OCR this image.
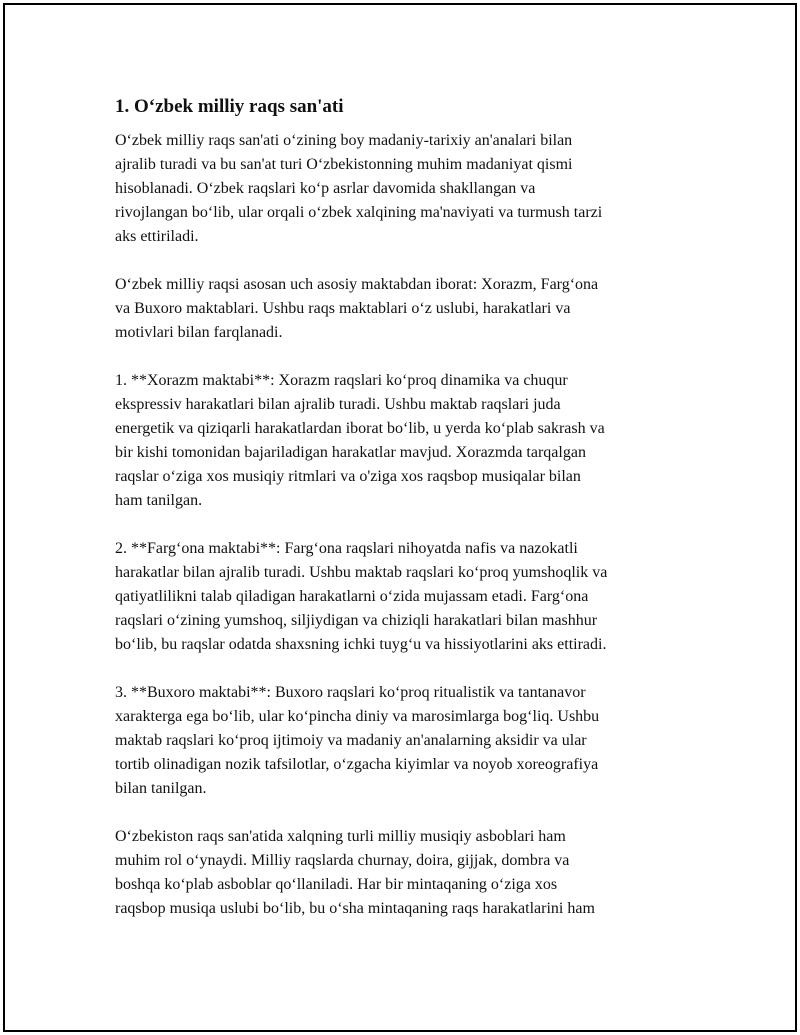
1. O‘zbek milliy raqs san'ati

O‘zbek milliy raqs san'ati o‘zining boy madaniy-tarixiy an'analari bilan
ajralib turadi va bu san'at turi O‘zbekistonning muhim madaniyat qismi
hisoblanadi. O‘zbek raqslari ko‘p asrlar davomida shakllangan va
rivojlangan bo‘lib, ular orqali o‘zbek xalqining ma'naviyati va turmush tarzi
aks ettiriladi.

O‘zbek milliy raqsi asosan uch asosiy maktabdan iborat: Xorazm, Farg‘ona
va Buxoro maktablari. Ushbu raqs maktablari o‘z uslubi, harakatlari va
motivlari bilan farqlanadi.

1. **Xorazm maktabi**: Xorazm raqslari ko‘proq dinamika va chuqur
ekspressiv harakatlari bilan ajralib turadi. Ushbu maktab raqslari juda
energetik va qiziqarli harakatlardan iborat bo‘lib, u yerda ko‘plab sakrash va
bir kishi tomonidan bajariladigan harakatlar mavjud. Xorazmda tarqalgan
raqslar o‘ziga xos musiqiy ritmlari va o'ziga xos raqsbop musiqalar bilan
ham tanilgan.

2. **Farg‘ona maktabi**: Farg‘ona raqslari nihoyatda nafis va nazokatli
harakatlar bilan ajralib turadi. Ushbu maktab raqslari ko‘proq yumshoqlik va
qatiyatlilikni talab qiladigan harakatlarni o‘zida mujassam etadi. Farg‘ona
raqslari o‘zining yumshoq, siljiydigan va chiziqli harakatlari bilan mashhur
bo‘lib, bu raqslar odatda shaxsning ichki tuyg‘u va hissiyotlarini aks ettiradi.

3. **Buxoro maktabi**: Buxoro raqslari ko‘proq ritualistik va tantanavor
xarakterga ega bo‘lib, ular ko‘pincha diniy va marosimlarga bog‘liq. Ushbu
maktab raqslari ko‘proq ijtimoiy va madaniy an'analarning aksidir va ular
tortib olinadigan nozik tafsilotlar, o‘zgacha kiyimlar va noyob xoreografiya
bilan tanilgan.

O‘zbekiston raqs san'atida xalqning turli milliy musiqiy asboblari ham
muhim rol o‘ynaydi. Milliy raqslarda churnay, doira, gijjak, dombra va
boshqa ko‘plab asboblar qo‘llaniladi. Har bir mintaqaning o‘ziga xos
raqsbop musiqa uslubi bo‘lib, bu o‘sha mintaqaning raqs harakatlarini ham
